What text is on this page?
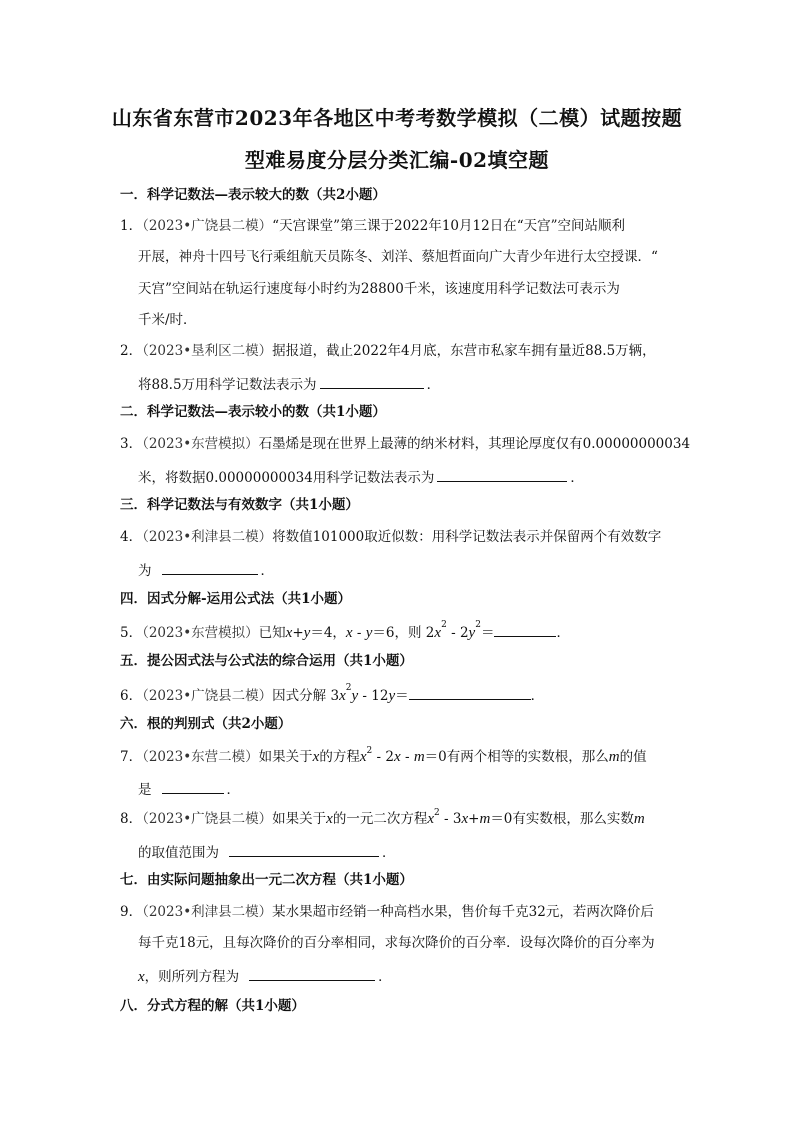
山东省东营市2023年各地区中考考数学模拟（二模）试题按题
型难易度分层分类汇编-02填空题
一．科学记数法—表示较大的数（共2小题）
1．（2023•广饶县二模）“天宫课堂”第三课于2022年10月12日在“天宫”空间站顺利
开展，神舟十四号飞行乘组航天员陈冬、刘洋、蔡旭哲面向广大青少年进行太空授课．“
天宫”空间站在轨运行速度每小时约为28800千米，该速度用科学记数法可表示为
千米/时．
2．（2023•垦利区二模）据报道，截止2022年4月底，东营市私家车拥有量近88.5万辆，
将88.5万用科学记数法表示为	．
二．科学记数法—表示较小的数（共1小题）
3．（2023•东营模拟）石墨烯是现在世界上最薄的纳米材料，其理论厚度仅有0.00000000034
米，将数据0.00000000034用科学记数法表示为	．
三．科学记数法与有效数字（共1小题）
4．（2023•利津县二模）将数值101000取近似数：用科学记数法表示并保留两个有效数字
为	．
四．因式分解-运用公式法（共1小题）
5．（2023•东营模拟）已知x+y＝4，x - y＝6，则 $2x^2 - 2y^2=$	．
五．提公因式法与公式法的综合运用（共1小题）
6．（2023•广饶县二模）因式分解 $3x^2y - 12y=$	．
六．根的判别式（共2小题）
7．（2023•东营二模）如果关于x的方程$x^2 - 2x - m=0$有两个相等的实数根，那么m的值
是	．
8．（2023•广饶县二模）如果关于x的一元二次方程$x^2 - 3x+m=0$有实数根，那么实数m
的取值范围为	．
七．由实际问题抽象出一元二次方程（共1小题）
9．（2023•利津县二模）某水果超市经销一种高档水果，售价每千克32元，若两次降价后
每千克18元，且每次降价的百分率相同，求每次降价的百分率．设每次降价的百分率为
x，则所列方程为	．
八．分式方程的解（共1小题）
